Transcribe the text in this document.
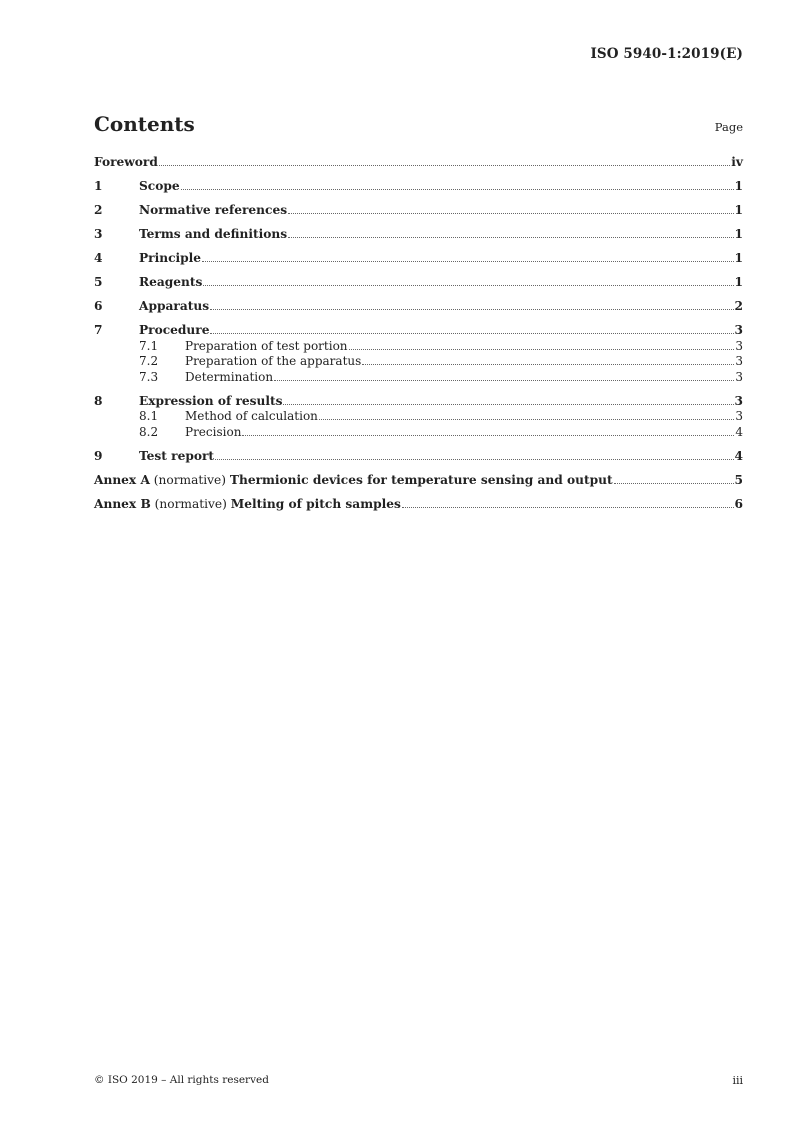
ISO 5940-1:2019(E)
Contents	Page
Foreword	iv
1	Scope	1
2	Normative references	1
3	Terms and definitions	1
4	Principle	1
5	Reagents	1
6	Apparatus	2
7	Procedure	3
7.1	Preparation of test portion	3
7.2	Preparation of the apparatus	3
7.3	Determination	3
8	Expression of results	3
8.1	Method of calculation	3
8.2	Precision	4
9	Test report	4
Annex A (normative) Thermionic devices for temperature sensing and output	5
Annex B (normative) Melting of pitch samples	6
© ISO 2019 – All rights reserved	iii
